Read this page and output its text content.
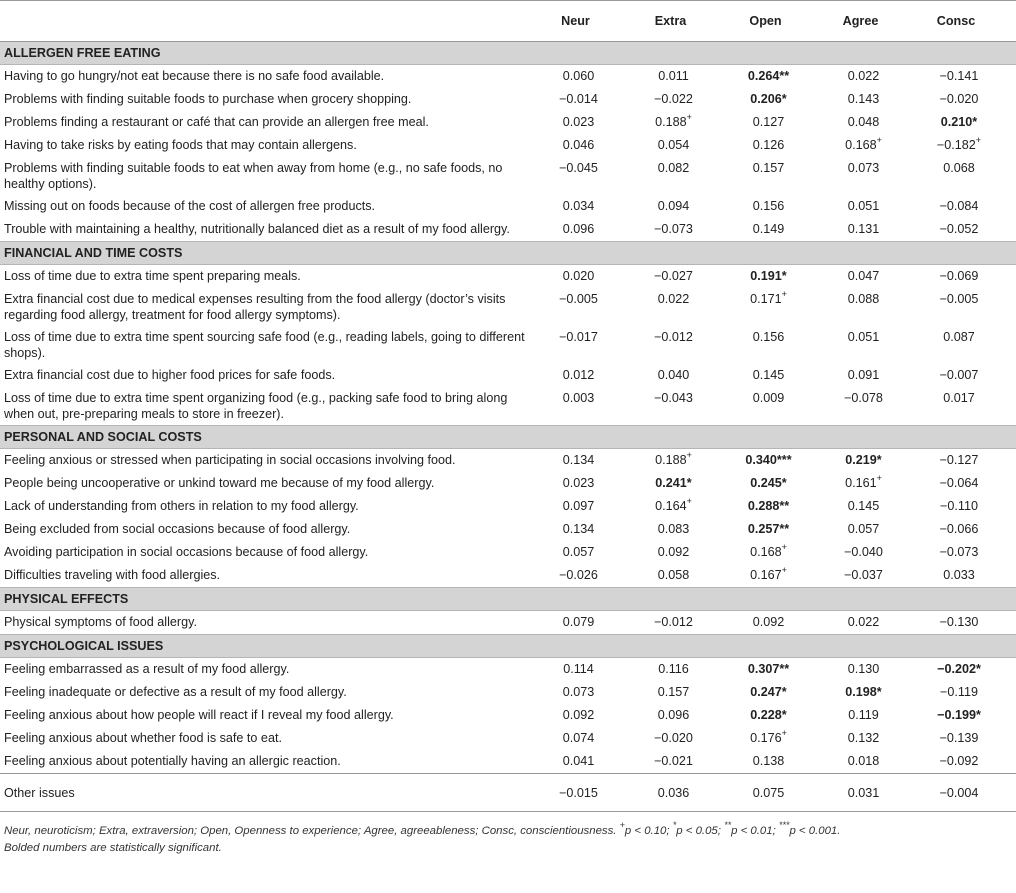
	Neur	Extra	Open	Agree	Consc
ALLERGEN FREE EATING					
Having to go hungry/not eat because there is no safe food available.	0.060	0.011	0.264**	0.022	−0.141
Problems with finding suitable foods to purchase when grocery shopping.	−0.014	−0.022	0.206*	0.143	−0.020
Problems finding a restaurant or café that can provide an allergen free meal.	0.023	0.188+	0.127	0.048	0.210*
Having to take risks by eating foods that may contain allergens.	0.046	0.054	0.126	0.168+	−0.182+
Problems with finding suitable foods to eat when away from home (e.g., no safe foods, no healthy options).	−0.045	0.082	0.157	0.073	0.068
Missing out on foods because of the cost of allergen free products.	0.034	0.094	0.156	0.051	−0.084
Trouble with maintaining a healthy, nutritionally balanced diet as a result of my food allergy.	0.096	−0.073	0.149	0.131	−0.052
FINANCIAL AND TIME COSTS					
Loss of time due to extra time spent preparing meals.	0.020	−0.027	0.191*	0.047	−0.069
Extra financial cost due to medical expenses resulting from the food allergy (doctor’s visits regarding food allergy, treatment for food allergy symptoms).	−0.005	0.022	0.171+	0.088	−0.005
Loss of time due to extra time spent sourcing safe food (e.g., reading labels, going to different shops).	−0.017	−0.012	0.156	0.051	0.087
Extra financial cost due to higher food prices for safe foods.	0.012	0.040	0.145	0.091	−0.007
Loss of time due to extra time spent organizing food (e.g., packing safe food to bring along when out, pre-preparing meals to store in freezer).	0.003	−0.043	0.009	−0.078	0.017
PERSONAL AND SOCIAL COSTS					
Feeling anxious or stressed when participating in social occasions involving food.	0.134	0.188+	0.340***	0.219*	−0.127
People being uncooperative or unkind toward me because of my food allergy.	0.023	0.241*	0.245*	0.161+	−0.064
Lack of understanding from others in relation to my food allergy.	0.097	0.164+	0.288**	0.145	−0.110
Being excluded from social occasions because of food allergy.	0.134	0.083	0.257**	0.057	−0.066
Avoiding participation in social occasions because of food allergy.	0.057	0.092	0.168+	−0.040	−0.073
Difficulties traveling with food allergies.	−0.026	0.058	0.167+	−0.037	0.033
PHYSICAL EFFECTS					
Physical symptoms of food allergy.	0.079	−0.012	0.092	0.022	−0.130
PSYCHOLOGICAL ISSUES					
Feeling embarrassed as a result of my food allergy.	0.114	0.116	0.307**	0.130	−0.202*
Feeling inadequate or defective as a result of my food allergy.	0.073	0.157	0.247*	0.198*	−0.119
Feeling anxious about how people will react if I reveal my food allergy.	0.092	0.096	0.228*	0.119	−0.199*
Feeling anxious about whether food is safe to eat.	0.074	−0.020	0.176+	0.132	−0.139
Feeling anxious about potentially having an allergic reaction.	0.041	−0.021	0.138	0.018	−0.092
Other issues	−0.015	0.036	0.075	0.031	−0.004
Neur, neuroticism; Extra, extraversion; Open, Openness to experience; Agree, agreeableness; Consc, conscientiousness. +p < 0.10; *p < 0.05; **p < 0.01; ***p < 0.001.
Bolded numbers are statistically significant.
